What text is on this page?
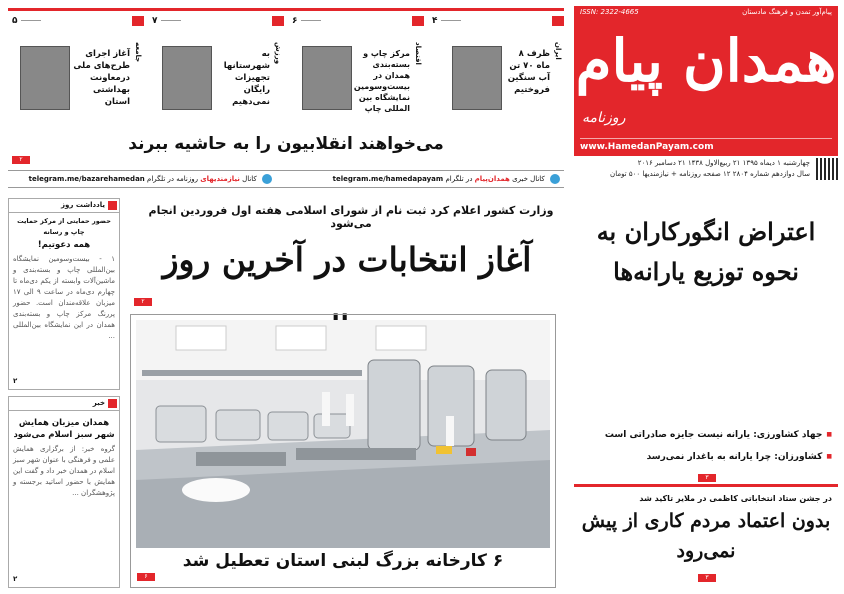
ISSN: 2322-4665	پیام‌آور تمدن و فرهنگ ماد‌ستان
همدان پیام
روزنامه
www.HamedanPayam.com
چهارشنبه ۱ دیماه ۱۳۹۵ ۲۱ ربیع‌الاول ۱۴۳۸ ۲۱ دسامبر ۲۰۱۶
سال دوازدهم شماره ۲۸۰۴ ۱۲ صفحه روزنامه + نیازمندیها ۵۰۰ تومان
۴
ایران
ظرف ۸ ماه ۷۰ تن آب سنگین فروختیم
۶
اقتصاد
مرکز چاپ و بسته‌بندی همدان در بیست‌وسومین نمایشگاه بین المللی چاپ
۷
ورزش
به شهرستانها تجهیزات رایگان نمی‌دهیم
۵
جامعه
آغاز اجرای طرح‌های ملی درمعاونت بهداشتی استان
می‌خواهند انقلابیون را به حاشیه ببرند
۲
کانال خبری همدان‌پیام در تلگرام telegram.me/hamedapayam
کانال نیازمندیهای روزنامه در تلگرام telegram.me/bazarehamedan
اعتراض انگورکاران به نحوه توزیع یارانه‌ها
■ جهاد کشاورزی: یارانه نیست جایزه صادراتی است
■ کشاورزان: چرا یارانه به باغدار نمی‌رسد
۳
در جشن ستاد انتخاباتی کاظمی در ملایر تاکید شد
بدون اعتماد مردم کاری از پیش نمی‌رود
۳
وزارت کشور اعلام کرد ثبت نام از شورای اسلامی هفته اول فروردین انجام می‌شود
آغاز انتخابات در آخرین روز
۲
۶ کارخانه بزرگ لبنی استان تعطیل شد
۶
یادداشت روز
حضور حمایتی از مرکز حمایت چاپ و رسانه
همه دعوتیم!
۱ - بیست‌وسومین نمایشگاه بین‌المللی چاپ و بسته‌بندی و ماشین‌آلات وابسته از یکم دی‌ماه تا چهارم دی‌ماه در ساعت ۹ الی ۱۷ میزبان علاقه‌مندان است. حضور پررنگ مرکز چاپ و بسته‌بندی همدان در این نمایشگاه بین‌المللی ...
۲
خبر
همدان میزبان همایش شهر سبز اسلام می‌شود
گروه خبر: از برگزاری همایش علمی و فرهنگی با عنوان شهر سبز اسلام در همدان خبر داد و گفت این همایش با حضور اساتید برجسته و پژوهشگران ...
۲
